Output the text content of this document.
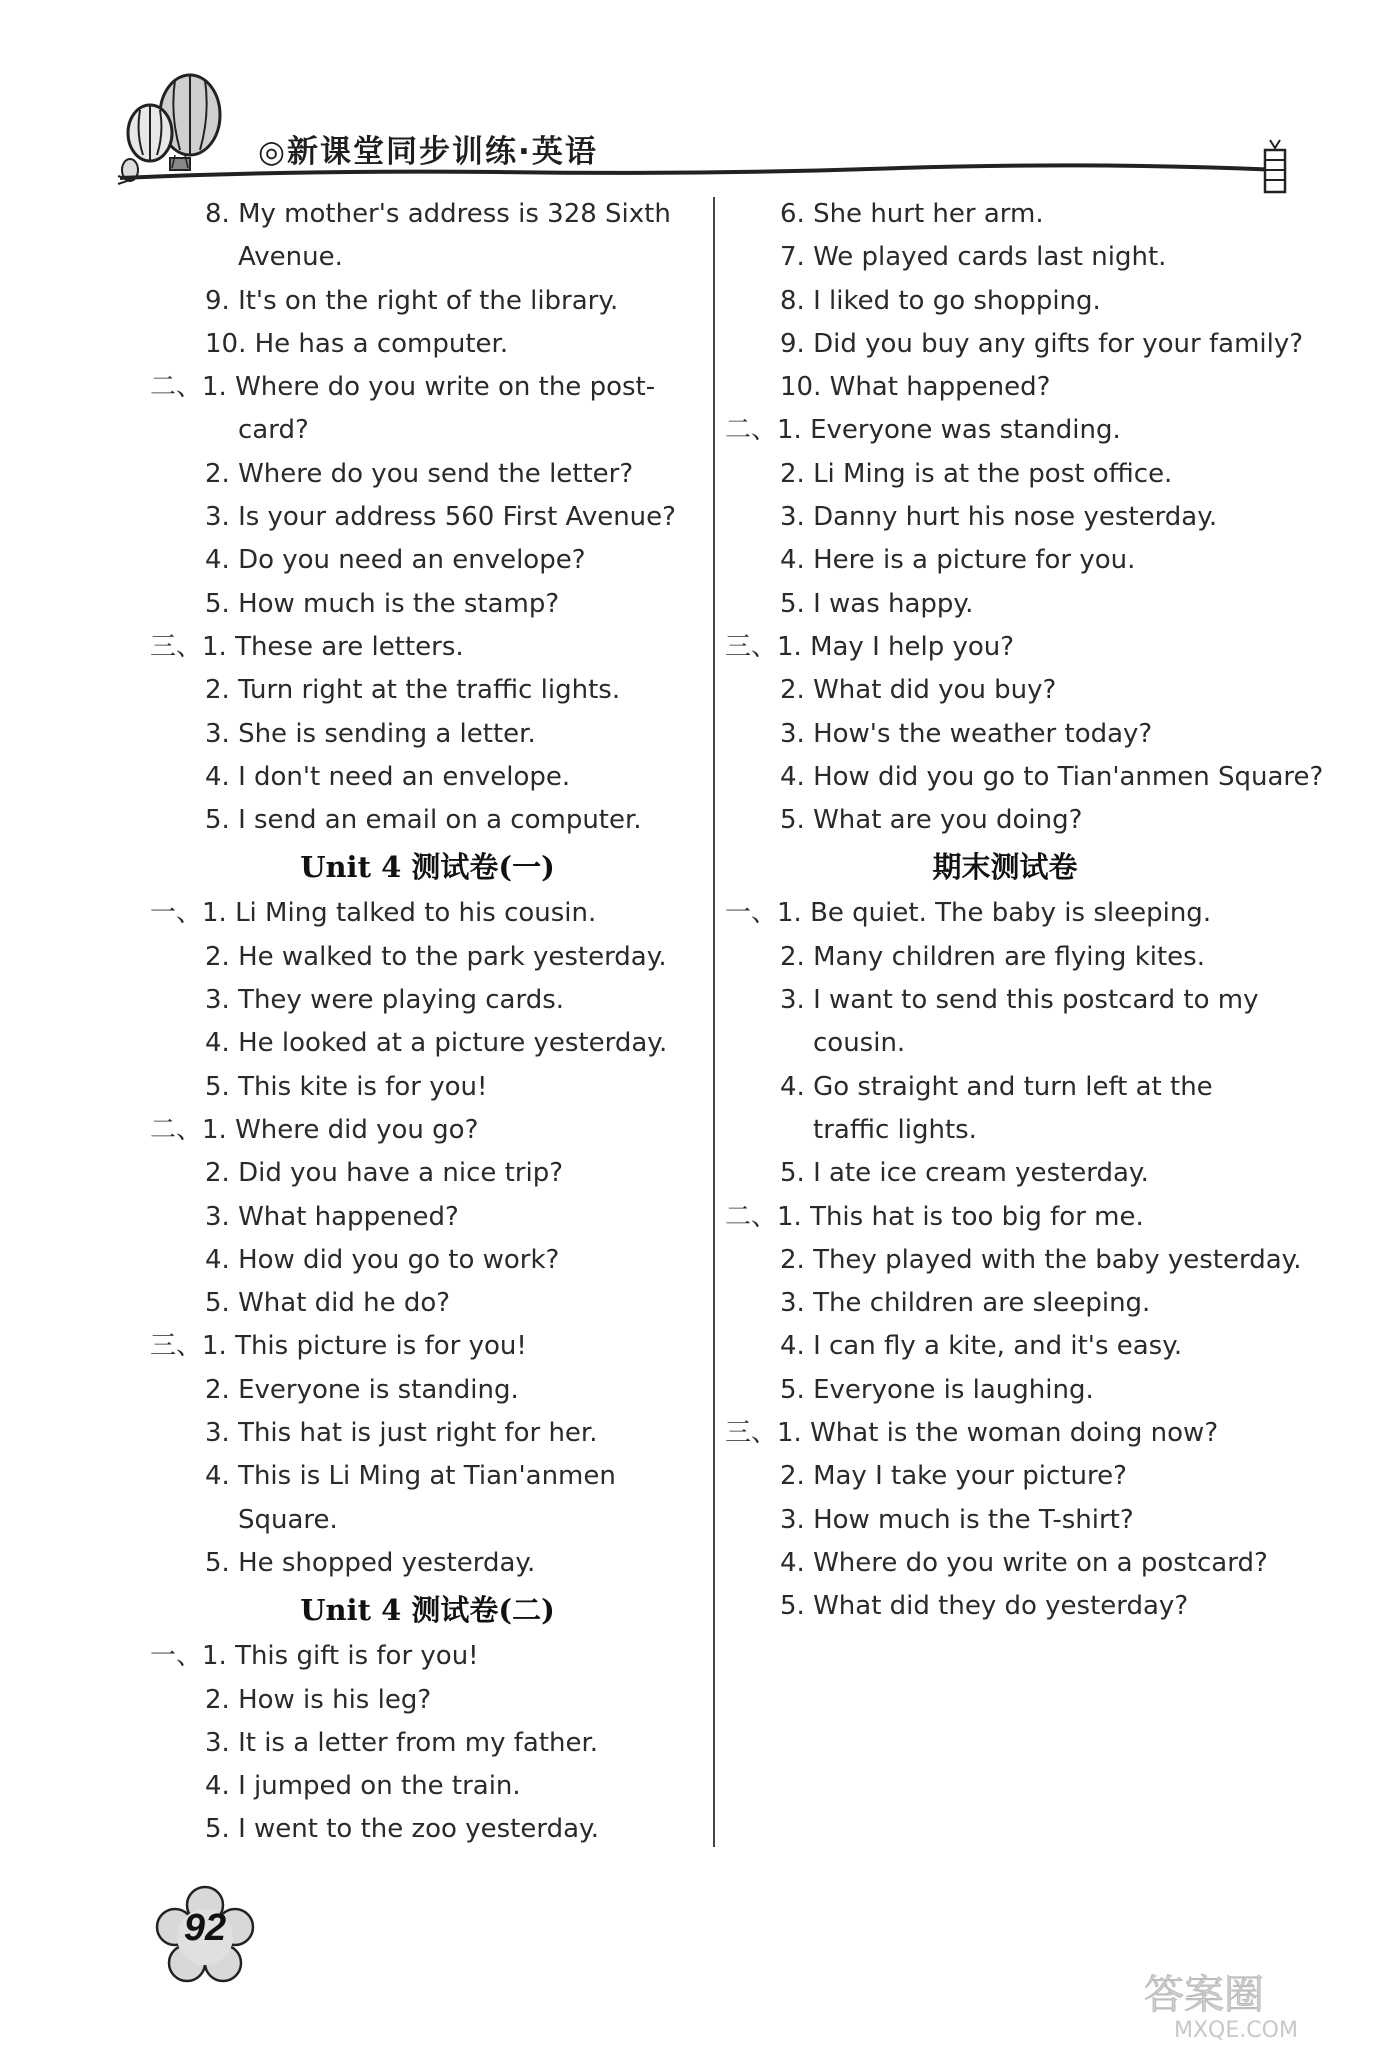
◎新课堂同步训练·英语
8. My mother's address is 328 Sixth
Avenue.
9. It's on the right of the library.
10. He has a computer.
二、1. Where do you write on the post-
card?
2. Where do you send the letter?
3. Is your address 560 First Avenue?
4. Do you need an envelope?
5. How much is the stamp?
三、1. These are letters.
2. Turn right at the traffic lights.
3. She is sending a letter.
4. I don't need an envelope.
5. I send an email on a computer.
Unit 4 测试卷(一)
一、1. Li Ming talked to his cousin.
2. He walked to the park yesterday.
3. They were playing cards.
4. He looked at a picture yesterday.
5. This kite is for you!
二、1. Where did you go?
2. Did you have a nice trip?
3. What happened?
4. How did you go to work?
5. What did he do?
三、1. This picture is for you!
2. Everyone is standing.
3. This hat is just right for her.
4. This is Li Ming at Tian'anmen
Square.
5. He shopped yesterday.
Unit 4 测试卷(二)
一、1. This gift is for you!
2. How is his leg?
3. It is a letter from my father.
4. I jumped on the train.
5. I went to the zoo yesterday.
6. She hurt her arm.
7. We played cards last night.
8. I liked to go shopping.
9. Did you buy any gifts for your family?
10. What happened?
二、1. Everyone was standing.
2. Li Ming is at the post office.
3. Danny hurt his nose yesterday.
4. Here is a picture for you.
5. I was happy.
三、1. May I help you?
2. What did you buy?
3. How's the weather today?
4. How did you go to Tian'anmen Square?
5. What are you doing?
期末测试卷
一、1. Be quiet. The baby is sleeping.
2. Many children are flying kites.
3. I want to send this postcard to my
cousin.
4. Go straight and turn left at the
traffic lights.
5. I ate ice cream yesterday.
二、1. This hat is too big for me.
2. They played with the baby yesterday.
3. The children are sleeping.
4. I can fly a kite, and it's easy.
5. Everyone is laughing.
三、1. What is the woman doing now?
2. May I take your picture?
3. How much is the T-shirt?
4. Where do you write on a postcard?
5. What did they do yesterday?
92
答案圈
MXQE.COM
